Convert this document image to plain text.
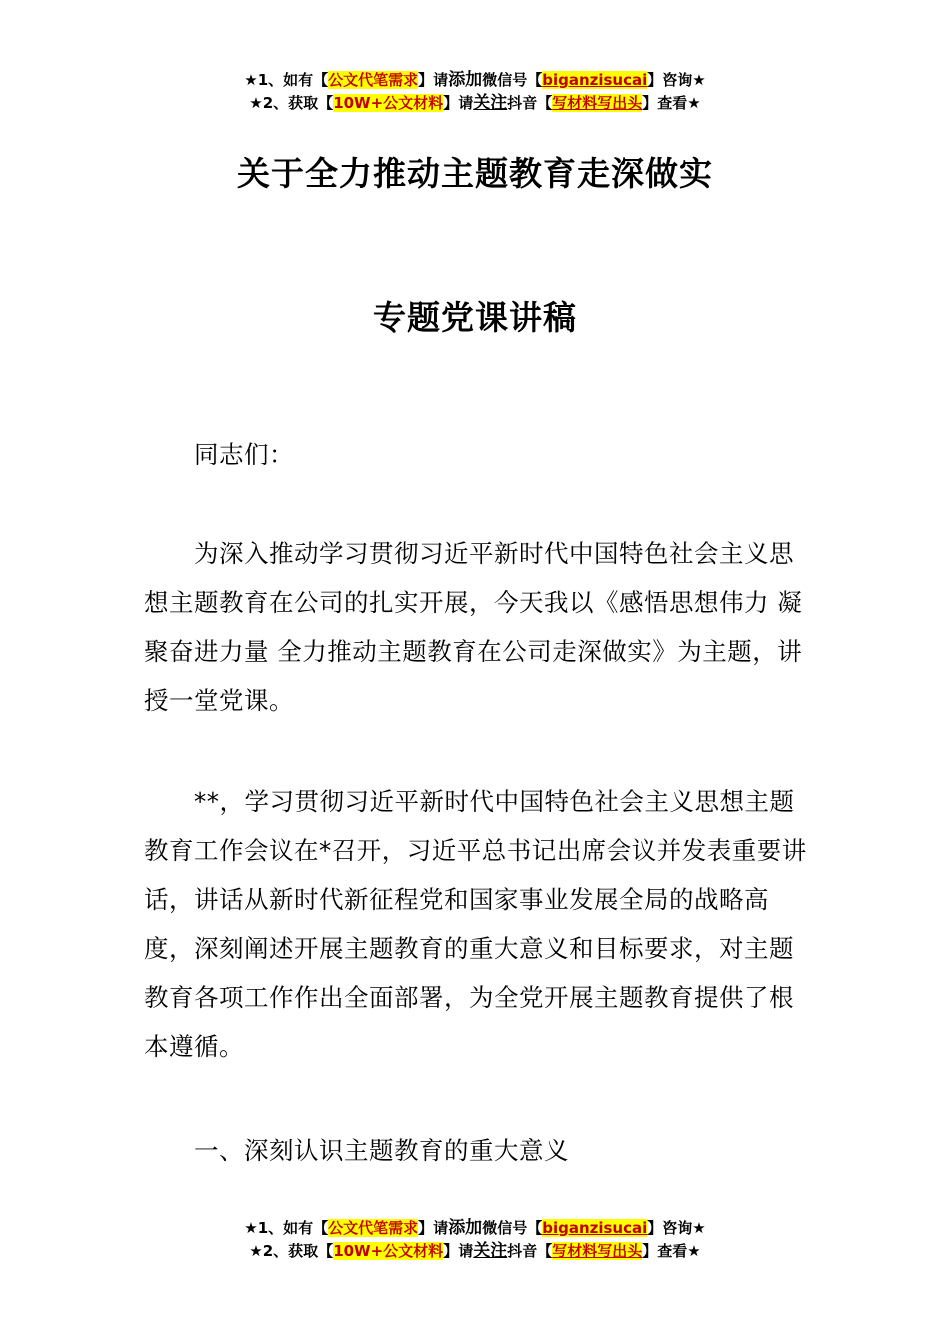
★1、如有【公文代笔需求】请添加微信号【biganzisucai】咨询★
★2、获取【10W+公文材料】请关注抖音【写材料写出头】查看★
关于全力推动主题教育走深做实
专题党课讲稿

同志们：

为深入推动学习贯彻习近平新时代中国特色社会主义思想主题教育在公司的扎实开展，今天我以《感悟思想伟力 凝聚奋进力量 全力推动主题教育在公司走深做实》为主题，讲授一堂党课。

**，学习贯彻习近平新时代中国特色社会主义思想主题教育工作会议在*召开，习近平总书记出席会议并发表重要讲话，讲话从新时代新征程党和国家事业发展全局的战略高度，深刻阐述开展主题教育的重大意义和目标要求，对主题教育各项工作作出全面部署，为全党开展主题教育提供了根本遵循。

一、深刻认识主题教育的重大意义

★1、如有【公文代笔需求】请添加微信号【biganzisucai】咨询★
★2、获取【10W+公文材料】请关注抖音【写材料写出头】查看★
